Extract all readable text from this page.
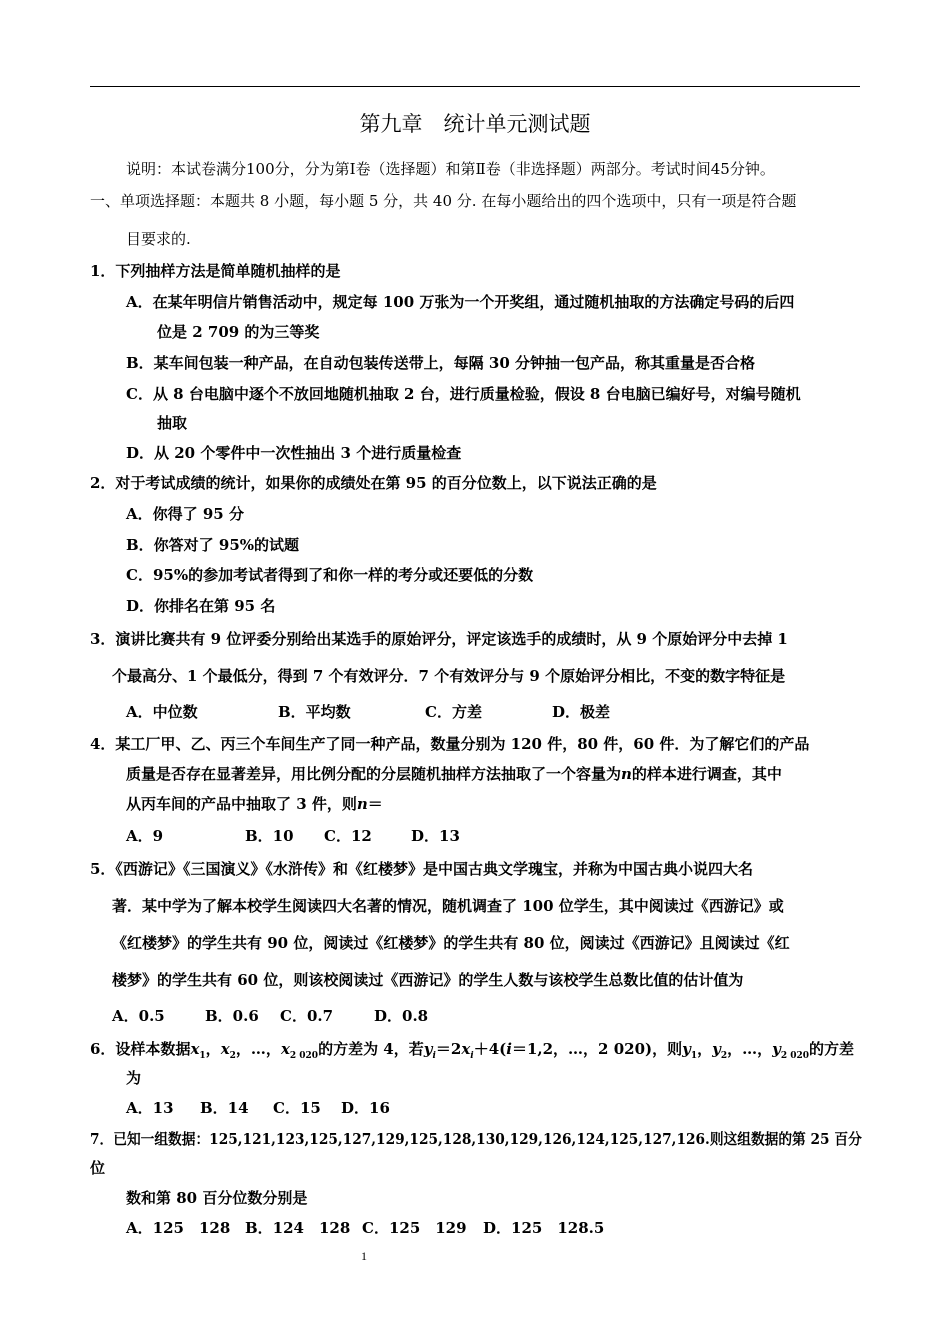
第九章　统计单元测试题
说明：本试卷满分100分，分为第Ⅰ卷（选择题）和第Ⅱ卷（非选择题）两部分。考试时间45分钟。
一、单项选择题：本题共 8 小题，每小题 5 分，共 40 分. 在每小题给出的四个选项中，只有一项是符合题
目要求的.
1．下列抽样方法是简单随机抽样的是
A．在某年明信片销售活动中，规定每 100 万张为一个开奖组，通过随机抽取的方法确定号码的后四
位是 2 709 的为三等奖
B．某车间包装一种产品，在自动包装传送带上，每隔 30 分钟抽一包产品，称其重量是否合格
C．从 8 台电脑中逐个不放回地随机抽取 2 台，进行质量检验，假设 8 台电脑已编好号，对编号随机
抽取
D．从 20 个零件中一次性抽出 3 个进行质量检查
2．对于考试成绩的统计，如果你的成绩处在第 95 的百分位数上，以下说法正确的是
A．你得了 95 分
B．你答对了 95%的试题
C．95%的参加考试者得到了和你一样的考分或还要低的分数
D．你排名在第 95 名
3．演讲比赛共有 9 位评委分别给出某选手的原始评分，评定该选手的成绩时，从 9 个原始评分中去掉 1
个最高分、1 个最低分，得到 7 个有效评分．7 个有效评分与 9 个原始评分相比，不变的数字特征是
A．中位数	B．平均数	C．方差	D．极差
4．某工厂甲、乙、丙三个车间生产了同一种产品，数量分别为 120 件，80 件，60 件．为了解它们的产品
质量是否存在显著差异，用比例分配的分层随机抽样方法抽取了一个容量为n的样本进行调查，其中
从丙车间的产品中抽取了 3 件，则n＝
A．9	B．10 C．12	D．13
5．《西游记》《三国演义》《水浒传》和《红楼梦》是中国古典文学瑰宝，并称为中国古典小说四大名
著．某中学为了解本校学生阅读四大名著的情况，随机调查了 100 位学生，其中阅读过《西游记》或
《红楼梦》的学生共有 90 位，阅读过《红楼梦》的学生共有 80 位，阅读过《西游记》且阅读过《红
楼梦》的学生共有 60 位，则该校阅读过《西游记》的学生人数与该校学生总数比值的估计值为
A．0.5	B．0.6 C．0.7	D．0.8
6．设样本数据$x_1$，$x_2$，…，$x_{2 020}$的方差为 4，若$y_i=2x_i+4(i=1,2$，…，2 020)，则$y_1$，$y_2$，…，$y_{2 020}$的方差
为
A．13 B．14 C．15 D．16
7．已知一组数据：125,121,123,125,127,129,125,128,130,129,126,124,125,127,126.则这组数据的第 25 百分
位
数和第 80 百分位数分别是
A．125　128 B．124　128 C．125　129 D．125　128.5
1
